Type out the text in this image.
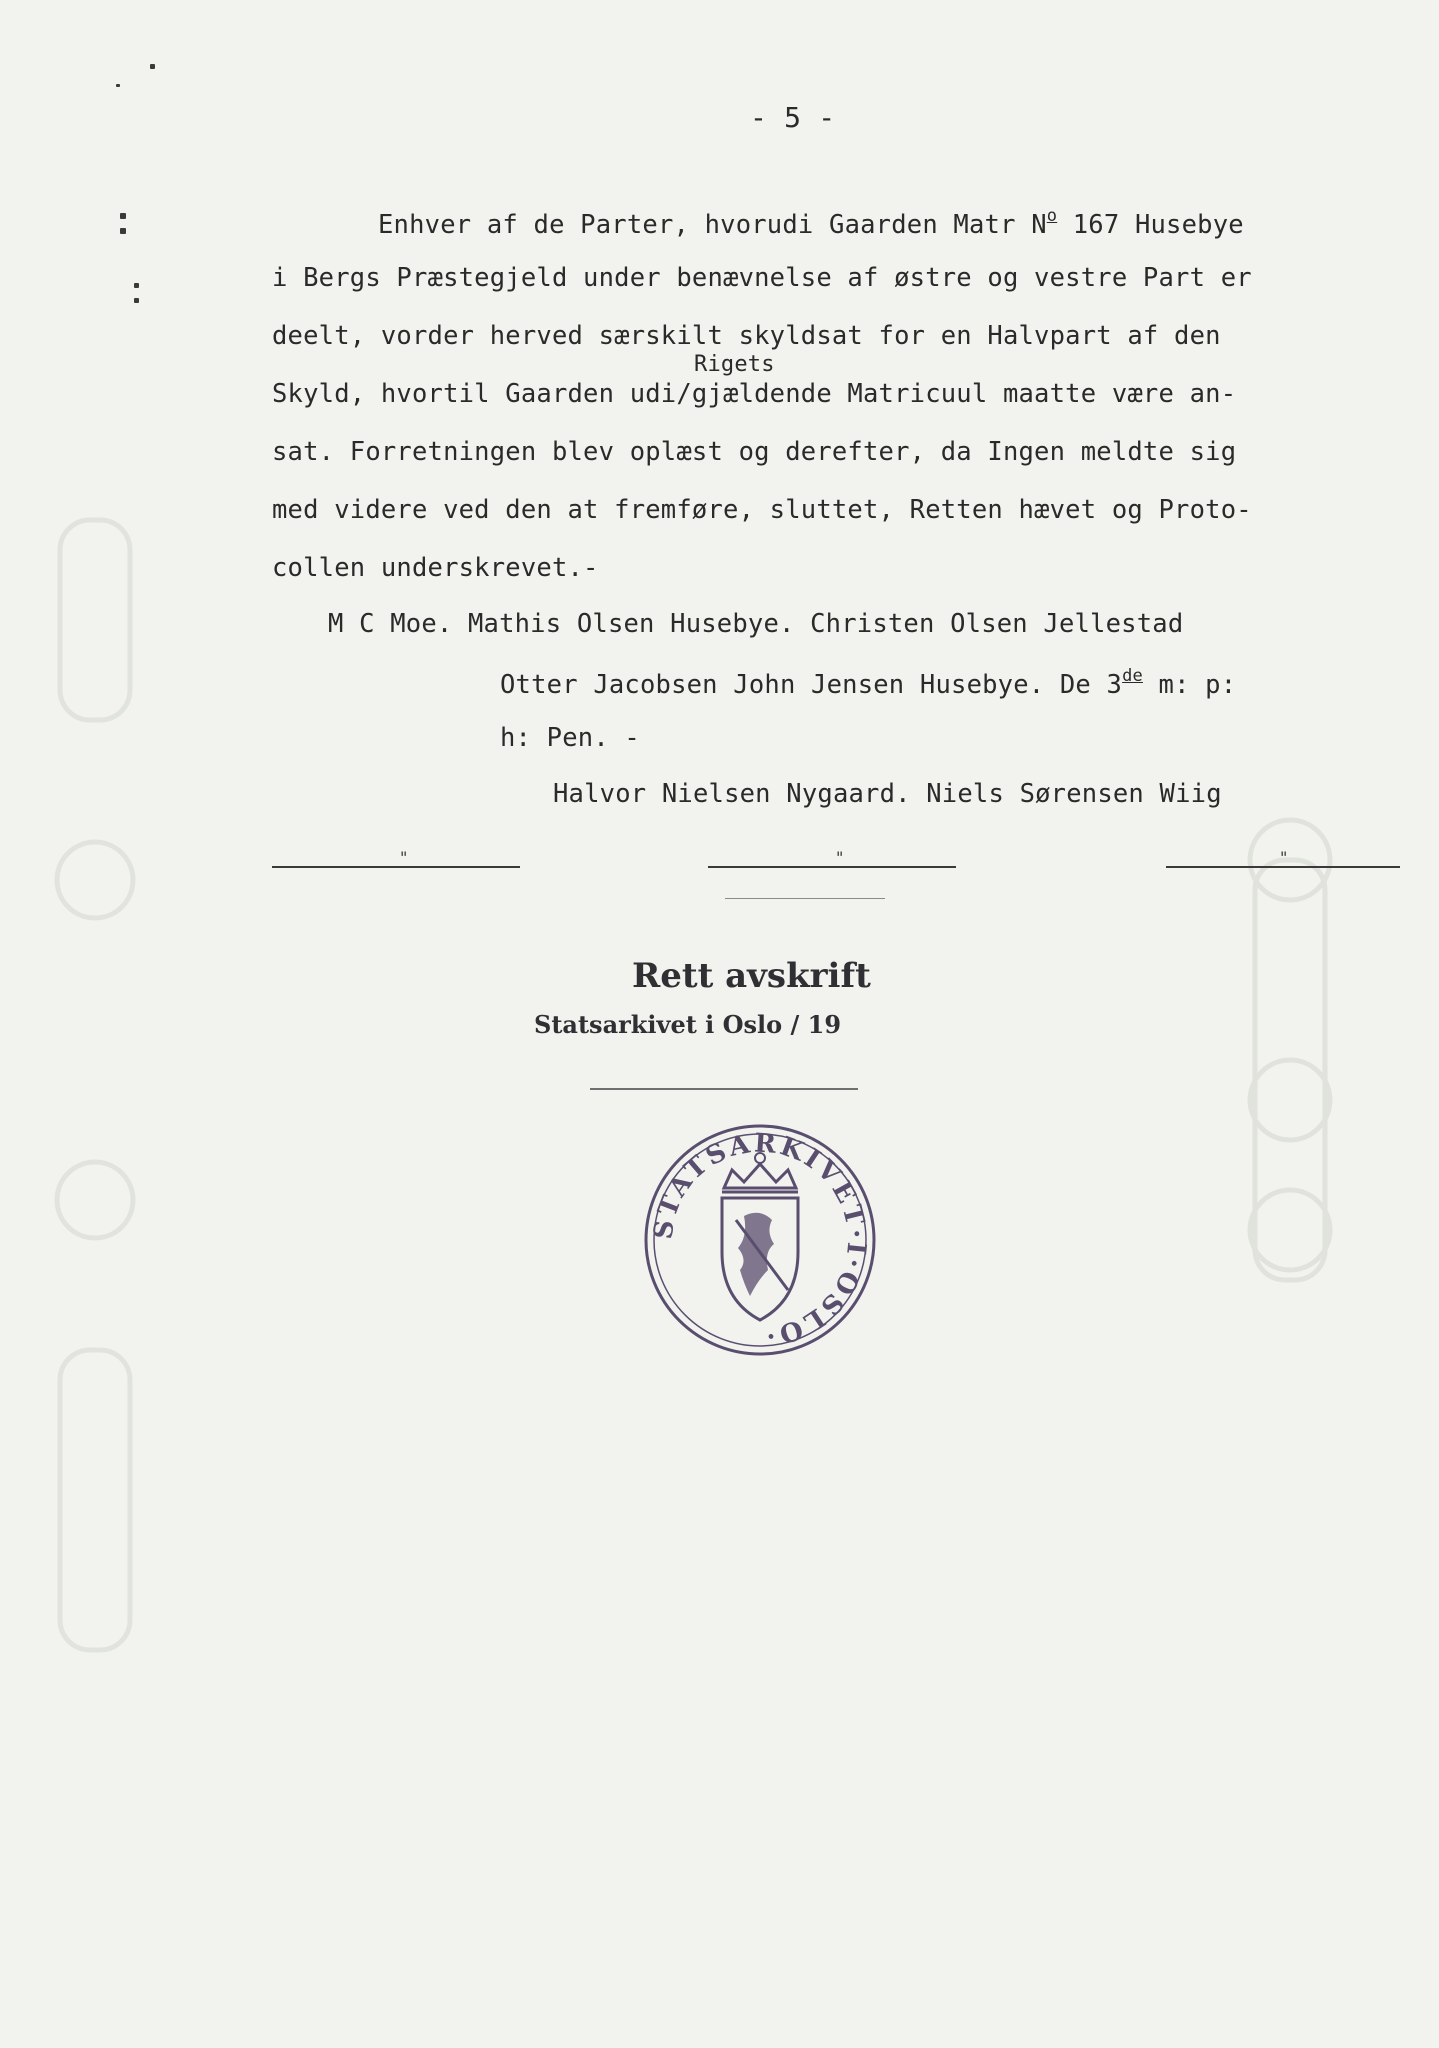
- 5 -
Enhver af de Parter, hvorudi Gaarden Matr $N^o$ 167 Husebye
i Bergs Præstegjeld under benævnelse af østre og vestre Part er
deelt, vorder herved særskilt skyldsat for en Halvpart af den
Rigets
Skyld, hvortil Gaarden udi/gjældende Matricuul maatte være an-
sat. Forretningen blev oplæst og derefter, da Ingen meldte sig
med videre ved den at fremføre, sluttet, Retten hævet og Proto-
collen underskrevet.-
M C Moe. Mathis Olsen Husebye. Christen Olsen Jellestad
Otter Jacobsen John Jensen Husebye. De 3de m: p:
h: Pen. -
Halvor Nielsen Nygaard. Niels Sørensen Wiig
"	"	"
Rett avskrift
Statsarkivet i Oslo / 19
STATSARKIVET·I·OSLO·
